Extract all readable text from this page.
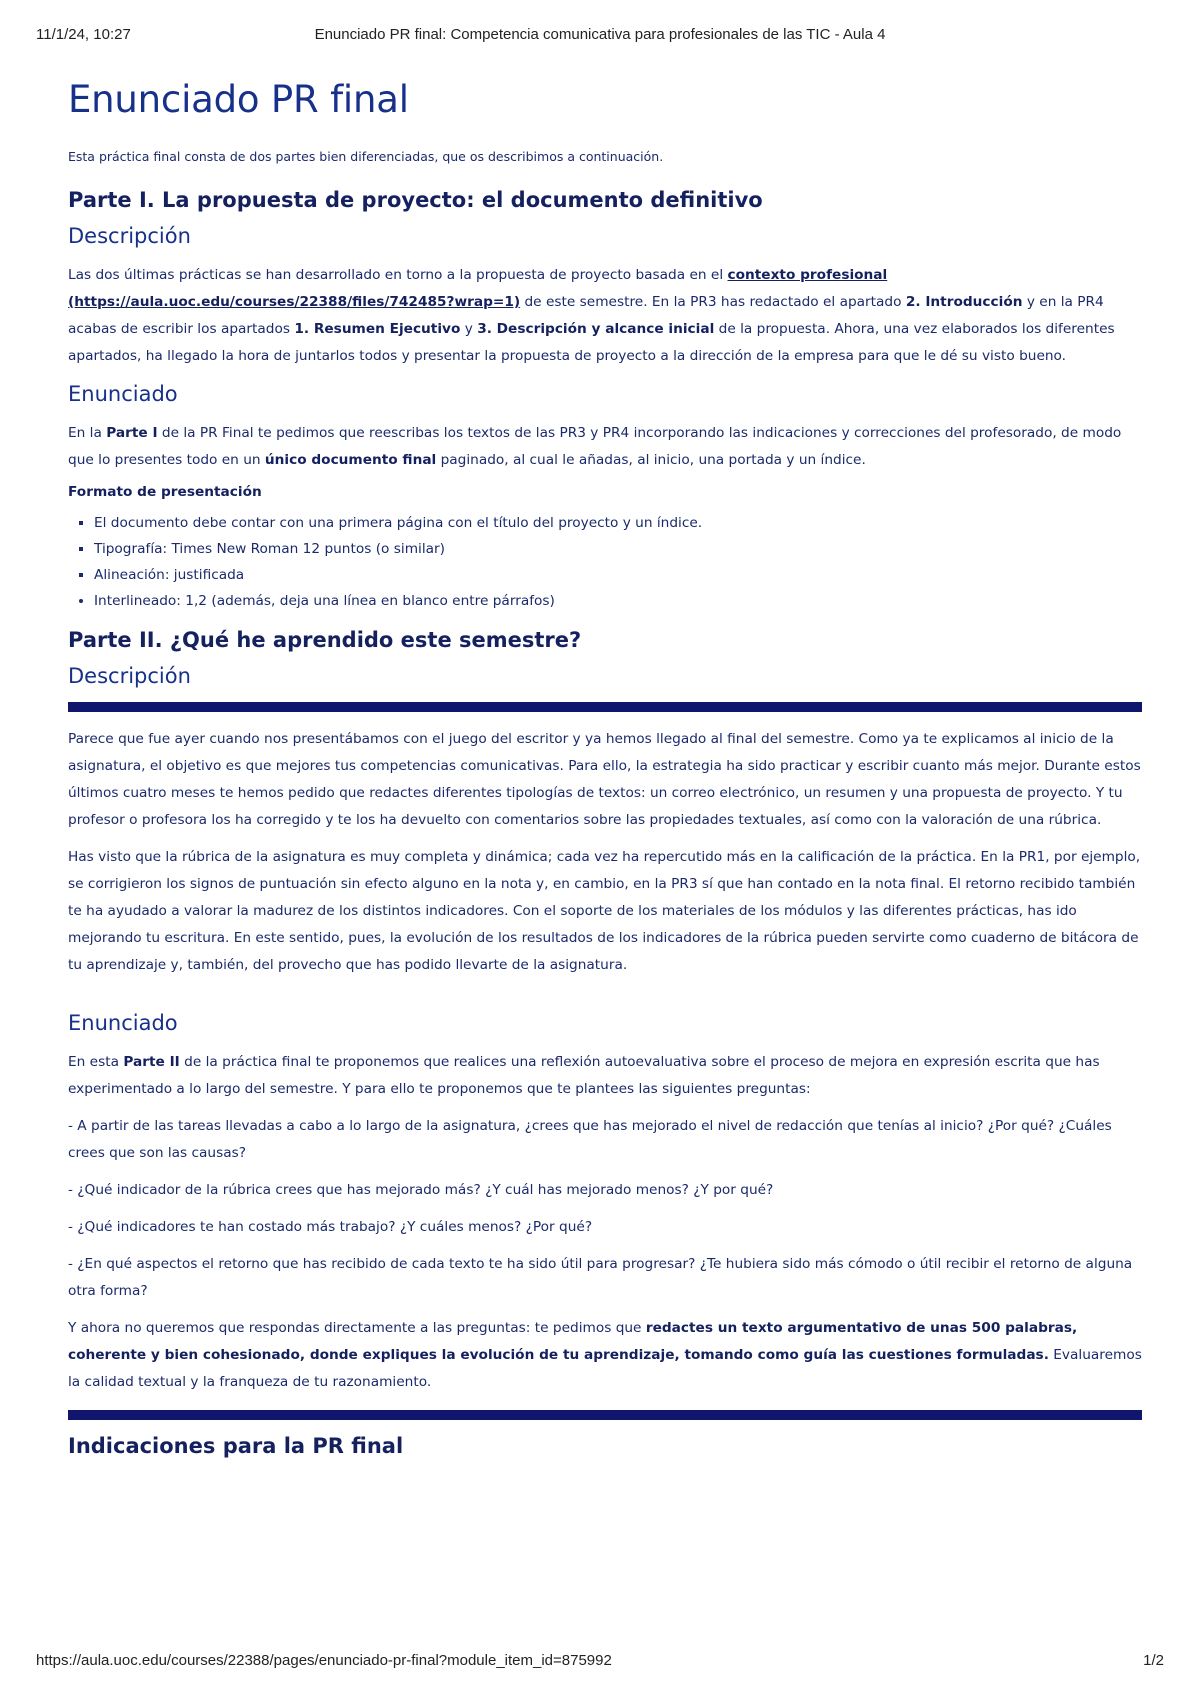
11/1/24, 10:27	Enunciado PR final: Competencia comunicativa para profesionales de las TIC - Aula 4
Enunciado PR final

Esta práctica final consta de dos partes bien diferenciadas, que os describimos a continuación.

Parte I. La propuesta de proyecto: el documento definitivo
Descripción

Las dos últimas prácticas se han desarrollado en torno a la propuesta de proyecto basada en el contexto profesional (https://aula.uoc.edu/courses/22388/files/742485?wrap=1) de este semestre. En la PR3 has redactado el apartado 2. Introducción y en la PR4 acabas de escribir los apartados 1. Resumen Ejecutivo y 3. Descripción y alcance inicial de la propuesta. Ahora, una vez elaborados los diferentes apartados, ha llegado la hora de juntarlos todos y presentar la propuesta de proyecto a la dirección de la empresa para que le dé su visto bueno.

Enunciado

En la Parte I de la PR Final te pedimos que reescribas los textos de las PR3 y PR4 incorporando las indicaciones y correcciones del profesorado, de modo que lo presentes todo en un único documento final paginado, al cual le añadas, al inicio, una portada y un índice.

Formato de presentación
▪ El documento debe contar con una primera página con el título del proyecto y un índice.
▪ Tipografía: Times New Roman 12 puntos (o similar)
▪ Alineación: justificada
• Interlineado: 1,2 (además, deja una línea en blanco entre párrafos)
Parte II. ¿Qué he aprendido este semestre?
Descripción

Parece que fue ayer cuando nos presentábamos con el juego del escritor y ya hemos llegado al final del semestre. Como ya te explicamos al inicio de la asignatura, el objetivo es que mejores tus competencias comunicativas. Para ello, la estrategia ha sido practicar y escribir cuanto más mejor. Durante estos últimos cuatro meses te hemos pedido que redactes diferentes tipologías de textos: un correo electrónico, un resumen y una propuesta de proyecto. Y tu profesor o profesora los ha corregido y te los ha devuelto con comentarios sobre las propiedades textuales, así como con la valoración de una rúbrica.

Has visto que la rúbrica de la asignatura es muy completa y dinámica; cada vez ha repercutido más en la calificación de la práctica. En la PR1, por ejemplo, se corrigieron los signos de puntuación sin efecto alguno en la nota y, en cambio, en la PR3 sí que han contado en la nota final. El retorno recibido también te ha ayudado a valorar la madurez de los distintos indicadores. Con el soporte de los materiales de los módulos y las diferentes prácticas, has ido mejorando tu escritura. En este sentido, pues, la evolución de los resultados de los indicadores de la rúbrica pueden servirte como cuaderno de bitácora de tu aprendizaje y, también, del provecho que has podido llevarte de la asignatura.

Enunciado

En esta Parte II de la práctica final te proponemos que realices una reflexión autoevaluativa sobre el proceso de mejora en expresión escrita que has experimentado a lo largo del semestre. Y para ello te proponemos que te plantees las siguientes preguntas:

- A partir de las tareas llevadas a cabo a lo largo de la asignatura, ¿crees que has mejorado el nivel de redacción que tenías al inicio? ¿Por qué? ¿Cuáles crees que son las causas?

- ¿Qué indicador de la rúbrica crees que has mejorado más? ¿Y cuál has mejorado menos? ¿Y por qué?

- ¿Qué indicadores te han costado más trabajo? ¿Y cuáles menos? ¿Por qué?

- ¿En qué aspectos el retorno que has recibido de cada texto te ha sido útil para progresar? ¿Te hubiera sido más cómodo o útil recibir el retorno de alguna otra forma?

Y ahora no queremos que respondas directamente a las preguntas: te pedimos que redactes un texto argumentativo de unas 500 palabras, coherente y bien cohesionado, donde expliques la evolución de tu aprendizaje, tomando como guía las cuestiones formuladas. Evaluaremos la calidad textual y la franqueza de tu razonamiento.

Indicaciones para la PR final
https://aula.uoc.edu/courses/22388/pages/enunciado-pr-final?module_item_id=875992	1/2
